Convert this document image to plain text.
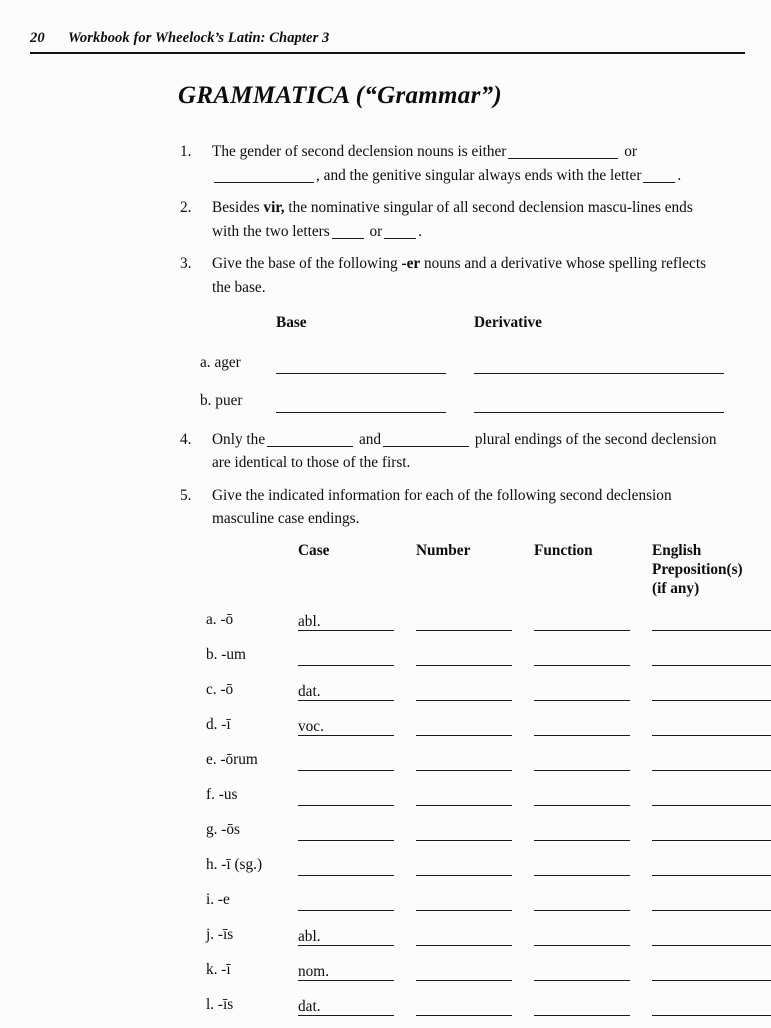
20	Workbook for Wheelock’s Latin: Chapter 3
GRAMMATICA (“Grammar”)
1.	The gender of second declension nouns is either	or, and the genitive singular always ends with the letter .
2.	Besides vir, the nominative singular of all second declension mascu-lines ends with the two letters	or .
3.	Give the base of the following -er nouns and a derivative whose spelling reflects the base.
Base	Derivative
a. ager
b. puer
4.	Only the	and	plural endings of the second declension are identical to those of the first.
5.	Give the indicated information for each of the following second declension masculine case endings.
Case	Number	Function	English
Preposition(s)
(if any)
a. -ō	abl.
b. -um
c. -ō	dat.
d. -ī	voc.
e. -ōrum
f. -us
g. -ōs
h. -ī (sg.)
i. -e
j. -īs	abl.
k. -ī	nom.
l. -īs	dat.
